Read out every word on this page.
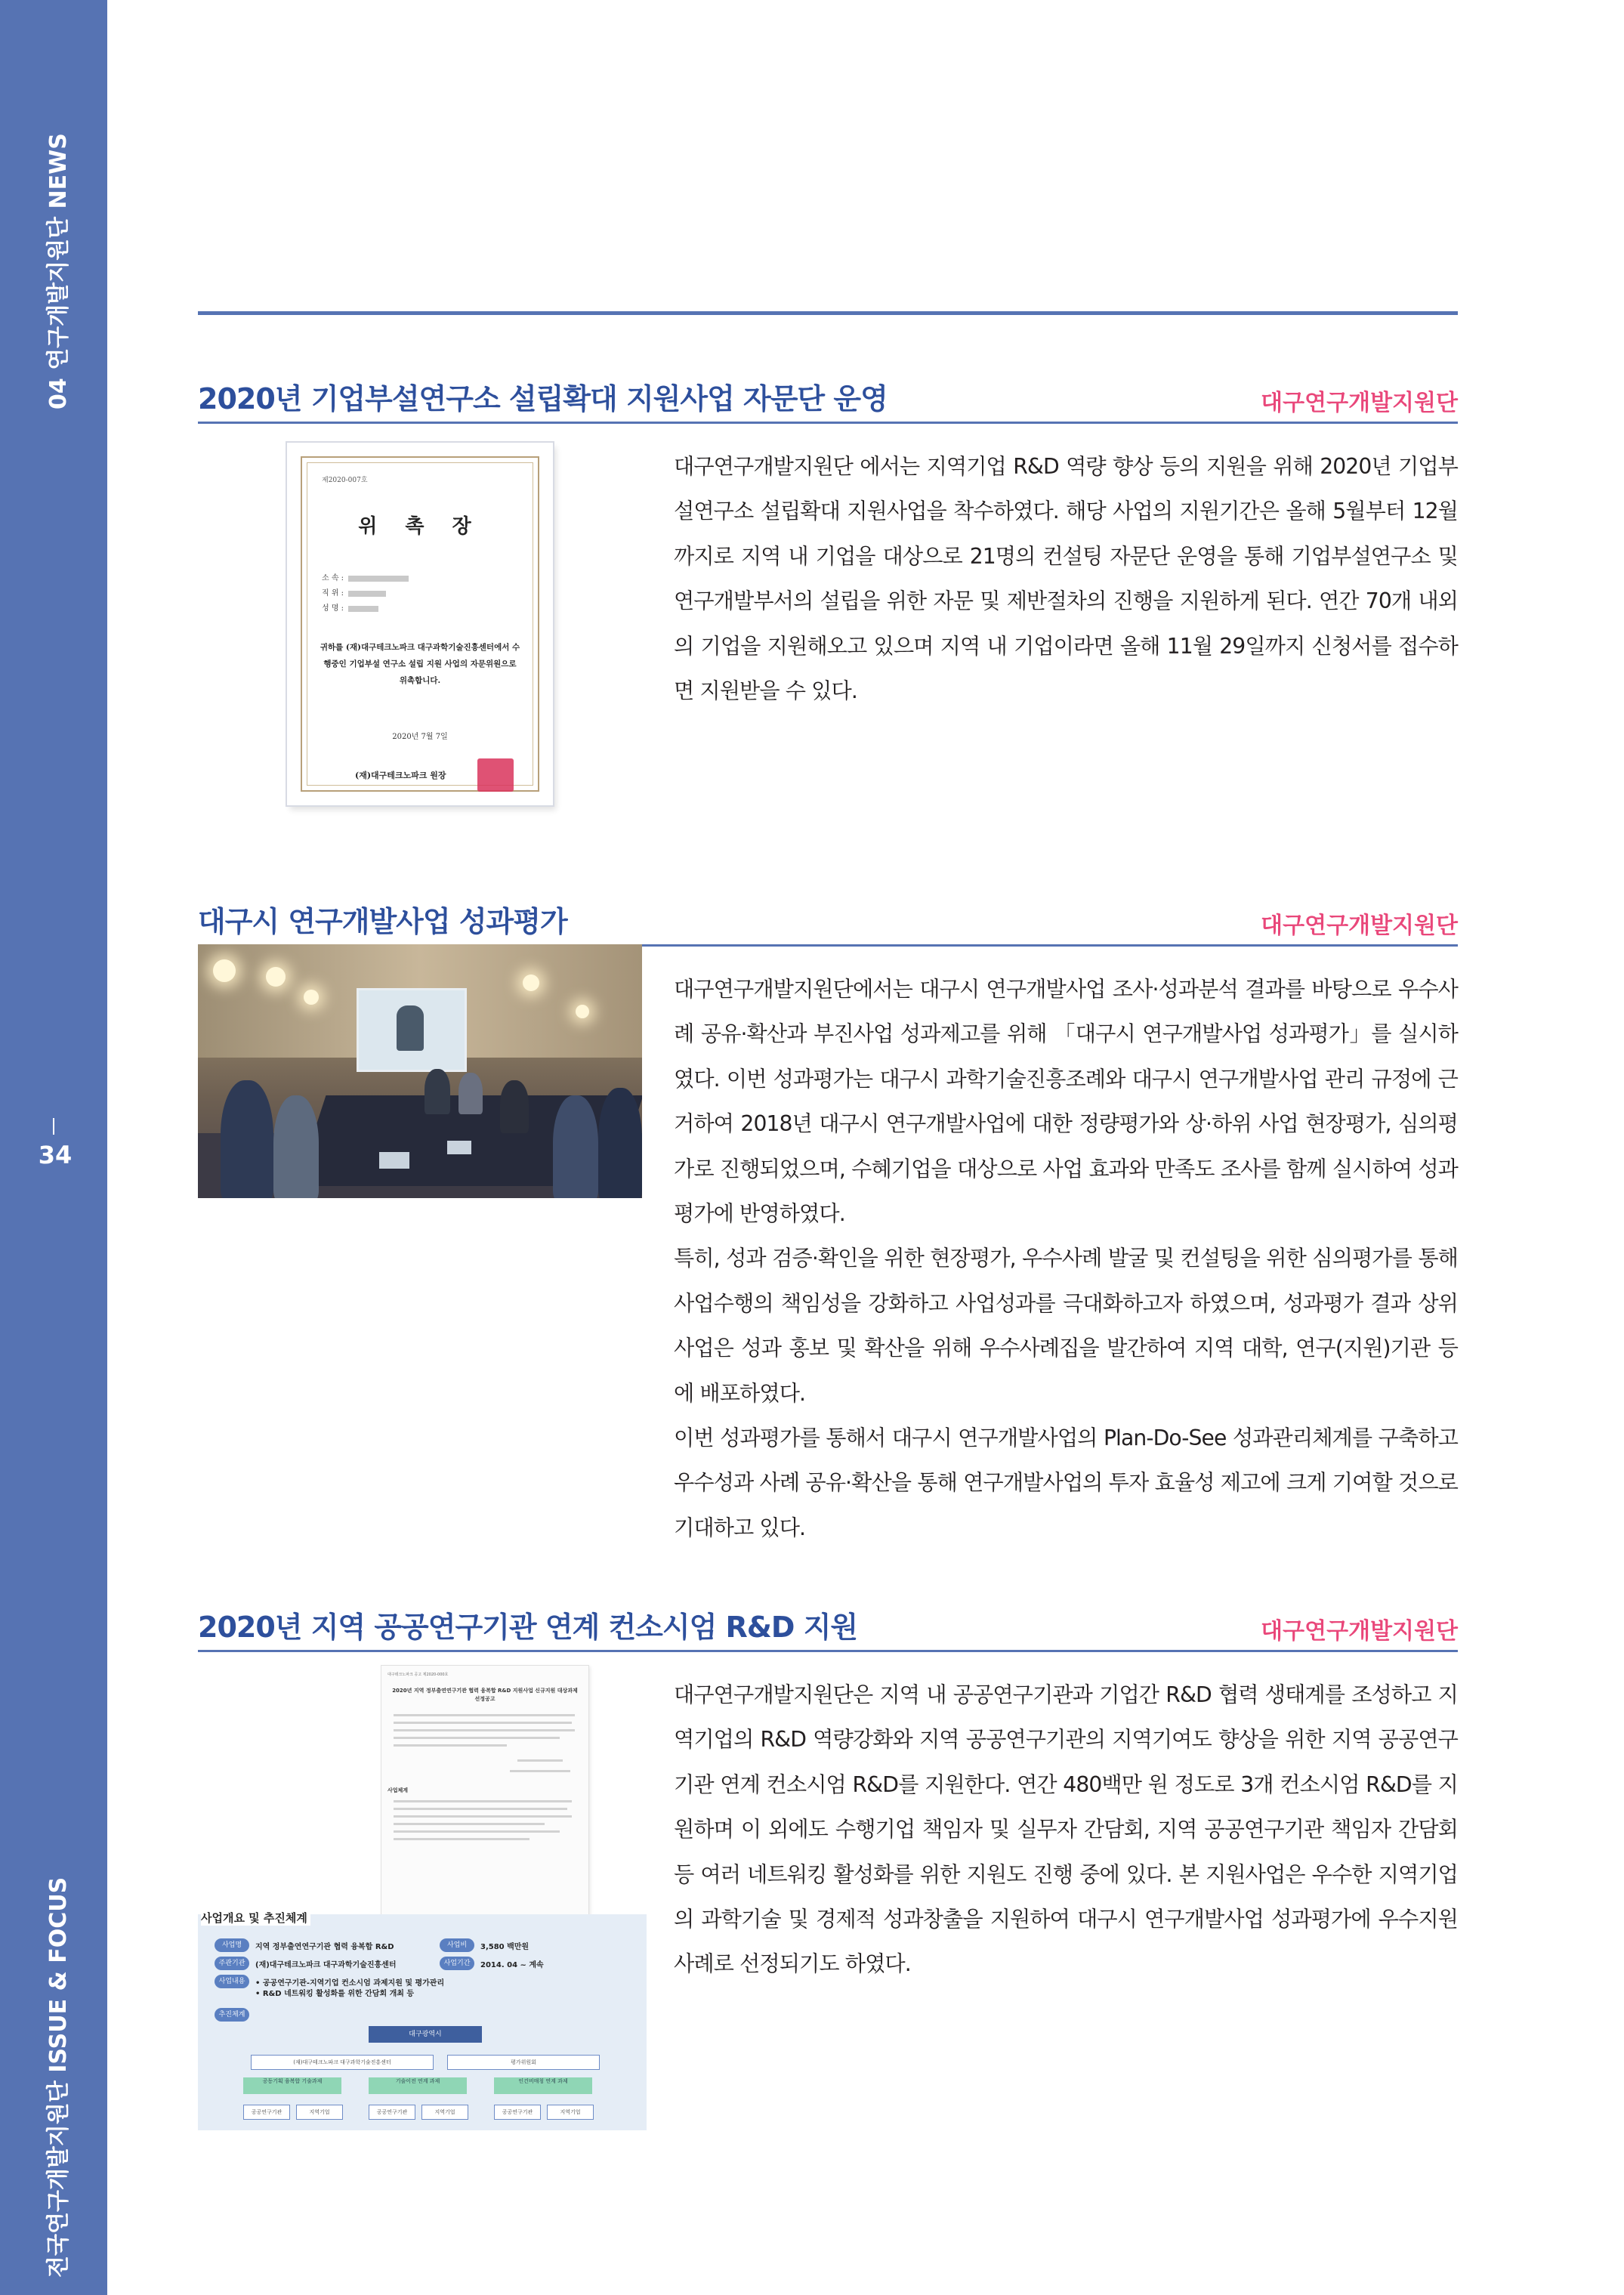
04 연구개발지원단 NEWS
34
전국연구개발지원단 ISSUE & FOCUS
2020년 기업부설연구소 설립확대 지원사업 자문단 운영	대구연구개발지원단
제2020-007호
위 촉 장
소 속 :
직 위 :
성 명 :
귀하를 (재)대구테크노파크 대구과학기술진흥센터에서 수행중인 기업부설 연구소 설립 지원 사업의 자문위원으로 위촉합니다.
2020년 7월 7일
(재)대구테크노파크 원장

대구연구개발지원단 에서는 지역기업 R&D 역량 향상 등의 지원을 위해 2020년 기업부설연구소 설립확대 지원사업을 착수하였다. 해당 사업의 지원기간은 올해 5월부터 12월 까지로 지역 내 기업을 대상으로 21명의 컨설팅 자문단 운영을 통해 기업부설연구소 및 연구개발부서의 설립을 위한 자문 및 제반절차의 진행을 지원하게 된다. 연간 70개 내외의 기업을 지원해오고 있으며 지역 내 기업이라면 올해 11월 29일까지 신청서를 접수하면 지원받을 수 있다.

대구시 연구개발사업 성과평가	대구연구개발지원단

대구연구개발지원단에서는 대구시 연구개발사업 조사·성과분석 결과를 바탕으로 우수사례 공유·확산과 부진사업 성과제고를 위해 「대구시 연구개발사업 성과평가」를 실시하였다. 이번 성과평가는 대구시 과학기술진흥조례와 대구시 연구개발사업 관리 규정에 근거하여 2018년 대구시 연구개발사업에 대한 정량평가와 상·하위 사업 현장평가, 심의평가로 진행되었으며, 수혜기업을 대상으로 사업 효과와 만족도 조사를 함께 실시하여 성과평가에 반영하였다.

특히, 성과 검증·확인을 위한 현장평가, 우수사례 발굴 및 컨설팅을 위한 심의평가를 통해 사업수행의 책임성을 강화하고 사업성과를 극대화하고자 하였으며, 성과평가 결과 상위사업은 성과 홍보 및 확산을 위해 우수사례집을 발간하여 지역 대학, 연구(지원)기관 등에 배포하였다.

이번 성과평가를 통해서 대구시 연구개발사업의 Plan-Do-See 성과관리체계를 구축하고 우수성과 사례 공유·확산을 통해 연구개발사업의 투자 효율성 제고에 크게 기여할 것으로 기대하고 있다.

2020년 지역 공공연구기관 연계 컨소시엄 R&D 지원	대구연구개발지원단
대구테크노파크 공고 제2020-000호
2020년 지역 정부출연연구기관 협력 융복합 R&D 지원사업 신규지원 대상과제 선정공고
사업체계
사업개요 및 추진체계
사업명	지역 정부출연연구기관 협력 융복합 R&D	사업비	3,580 백만원
주관기관	(재)대구테크노파크 대구과학기술진흥센터	사업기간	2014. 04 ~ 계속
사업내용	• 공공연구기관-지역기업 컨소시엄 과제지원 및 평가관리
• R&D 네트워킹 활성화를 위한 간담회 개최 등
추진체계
대구광역시
(재)대구테크노파크 대구과학기술진흥센터	평가위원회
공동기획 융복합 기술과제	기술이전 연계 과제	인건비매칭 연계 과제
공공연구기관	지역기업	공공연구기관	지역기업	공공연구기관	지역기업

대구연구개발지원단은 지역 내 공공연구기관과 기업간 R&D 협력 생태계를 조성하고 지역기업의 R&D 역량강화와 지역 공공연구기관의 지역기여도 향상을 위한 지역 공공연구기관 연계 컨소시엄 R&D를 지원한다. 연간 480백만 원 정도로 3개 컨소시엄 R&D를 지원하며 이 외에도 수행기업 책임자 및 실무자 간담회, 지역 공공연구기관 책임자 간담회 등 여러 네트워킹 활성화를 위한 지원도 진행 중에 있다. 본 지원사업은 우수한 지역기업의 과학기술 및 경제적 성과창출을 지원하여 대구시 연구개발사업 성과평가에 우수지원사례로 선정되기도 하였다.
